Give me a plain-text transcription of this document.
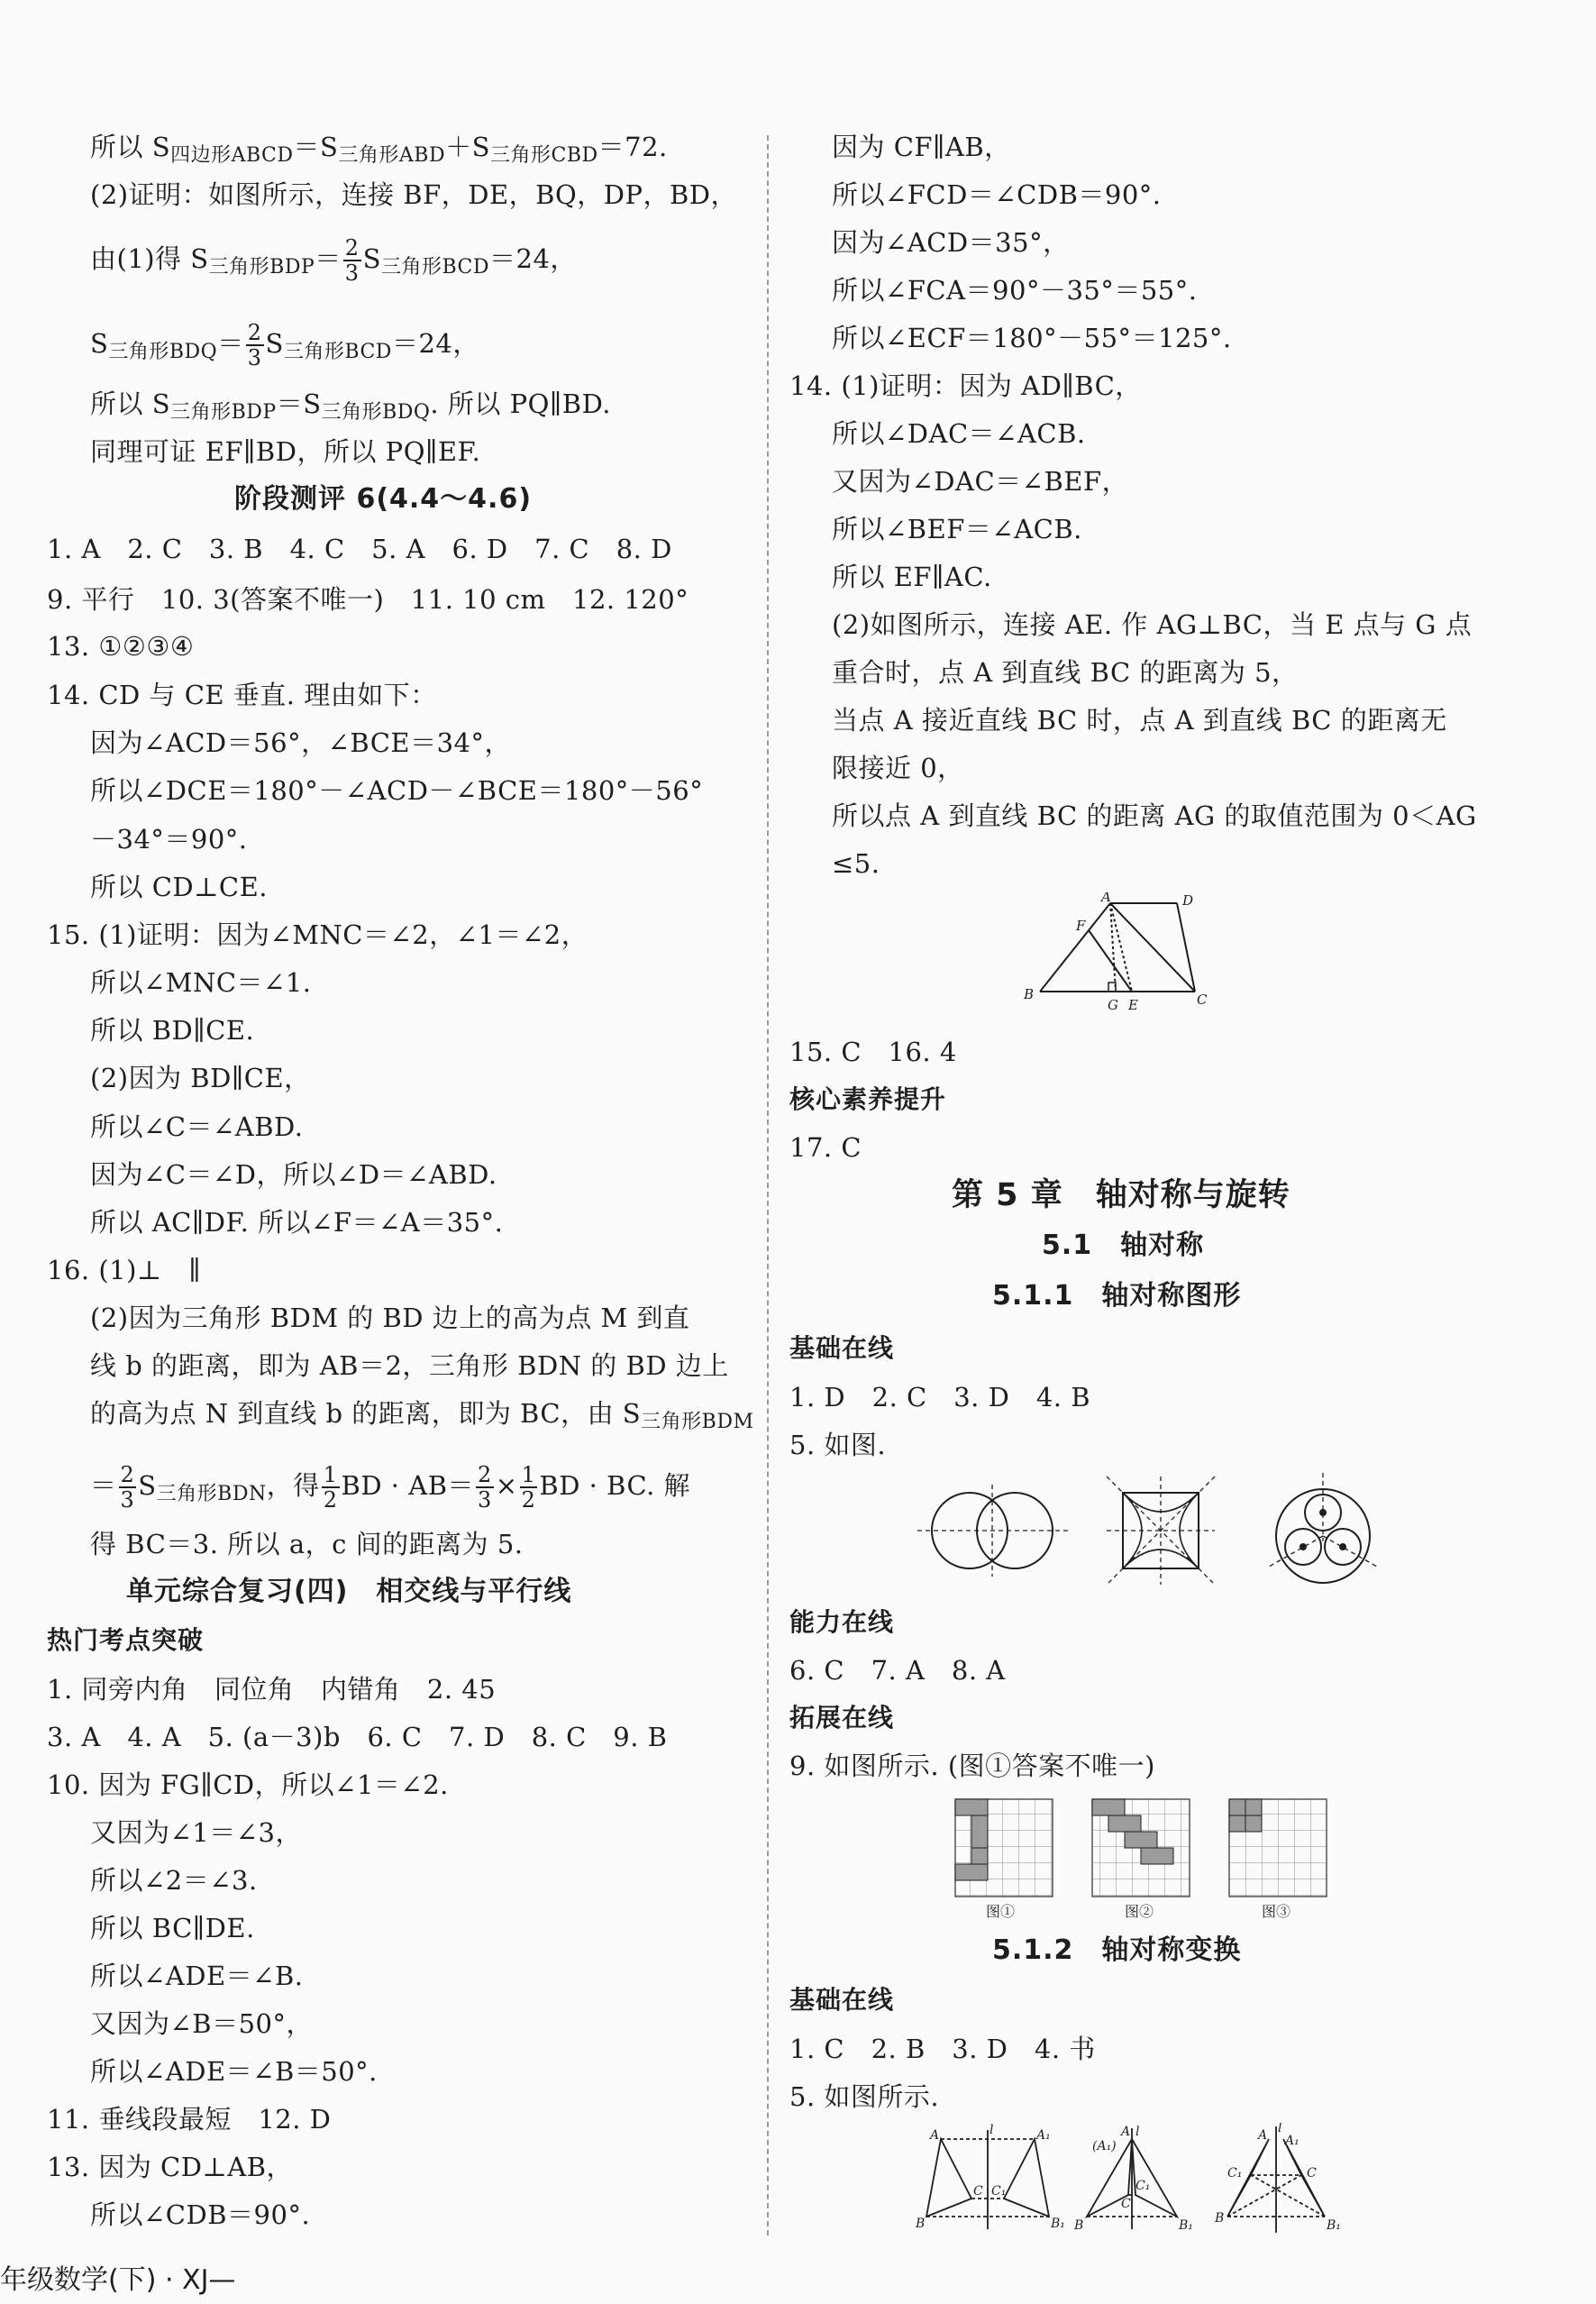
所以 $S_{四边形ABCD}=S_{三角形ABD}+S_{三角形CBD}=72$.
(2)证明：如图所示，连接 BF，DE，BQ，DP，BD，
由(1)得 $S_{三角形BDP}= \frac{2}{3} S_{三角形BCD}=24$，
$S_{三角形BDQ}= \frac{2}{3} S_{三角形BCD}=24$，
所以 $S_{三角形BDP}=S_{三角形BDQ}$. 所以 PQ∥BD.
同理可证 EF∥BD，所以 PQ∥EF.
阶段测评 6(4.4～4.6)
1. A　2. C　3. B　4. C　5. A　6. D　7. C　8. D
9. 平行　10. 3(答案不唯一)　11. 10 cm　12. 120°
13. ①②③④
14. CD 与 CE 垂直. 理由如下：
因为∠ACD＝56°，∠BCE＝34°，
所以∠DCE＝180°－∠ACD－∠BCE＝180°－56°
－34°＝90°.
所以 CD⊥CE.
15. (1)证明：因为∠MNC＝∠2，∠1＝∠2，
所以∠MNC＝∠1.
所以 BD∥CE.
(2)因为 BD∥CE，
所以∠C＝∠ABD.
因为∠C＝∠D，所以∠D＝∠ABD.
所以 AC∥DF. 所以∠F＝∠A＝35°.
16. (1)⊥　∥
(2)因为三角形 BDM 的 BD 边上的高为点 M 到直
线 b 的距离，即为 AB＝2，三角形 BDN 的 BD 边上
的高为点 N 到直线 b 的距离，即为 BC，由 $S_{三角形BDM}$
＝ $\frac{2}{3} S_{三角形BDN}$，得 $\frac{1}{2}$ BD · $AB= \frac{2}{3} \times \frac{1}{2}$ BD · BC. 解
得 BC＝3. 所以 a，c 间的距离为 5.
单元综合复习(四)　相交线与平行线
热门考点突破
1. 同旁内角　同位角　内错角　2. 45
3. A　4. A　5. (a－3)b　6. C　7. D　8. C　9. B
10. 因为 FG∥CD，所以∠1＝∠2.
又因为∠1＝∠3，
所以∠2＝∠3.
所以 BC∥DE.
所以∠ADE＝∠B.
又因为∠B＝50°，
所以∠ADE＝∠B＝50°.
11. 垂线段最短　12. D
13. 因为 CD⊥AB，
所以∠CDB＝90°.
因为 CF∥AB，
所以∠FCD＝∠CDB＝90°.
因为∠ACD＝35°，
所以∠FCA＝90°－35°＝55°.
所以∠ECF＝180°－55°＝125°.
14. (1)证明：因为 AD∥BC，
所以∠DAC＝∠ACB.
又因为∠DAC＝∠BEF，
所以∠BEF＝∠ACB.
所以 EF∥AC.
(2)如图所示，连接 AE. 作 AG⊥BC，当 E 点与 G 点
重合时，点 A 到直线 BC 的距离为 5，
当点 A 接近直线 BC 时，点 A 到直线 BC 的距离无
限接近 0，
所以点 A 到直线 BC 的距离 AG 的取值范围为 0＜AG
≤5.
A	D
F
B
G E	C
15. C　16. 4
核心素养提升
17. C
第 5 章　轴对称与旋转
5.1　轴对称
5.1.1　轴对称图形
基础在线
1. D　2. C　3. D　4. B
5. 如图.
能力在线
6. C　7. A　8. A
拓展在线
9. 如图所示. (图①答案不唯一)
图①	图②	图③
5.1.2　轴对称变换
基础在线
1. C　2. B　3. D　4. 书
5. 如图所示.
A	l	A₁
B
C C₁
B₁
A l
(A₁)
C₁
C
B	B₁
A l
A₁
C₁	C
B	B₁
年级数学(下) · XJ—
